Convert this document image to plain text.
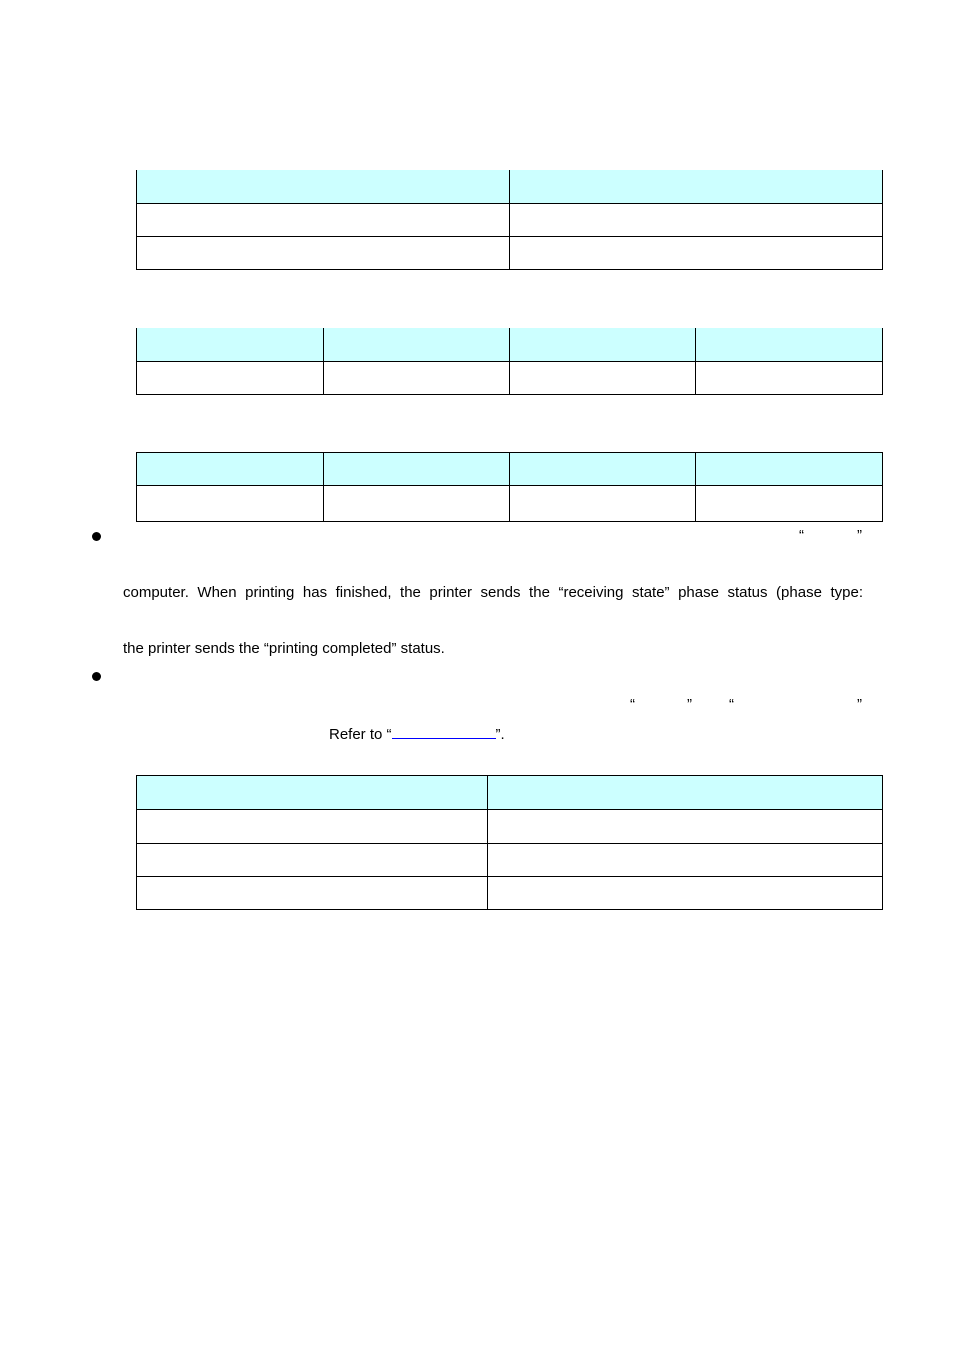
“	”
computer. When printing has finished, the printer sends the “receiving state” phase status (phase type:
the printer sends the “printing completed” status.
“	” “	”
Refer to “	”.
